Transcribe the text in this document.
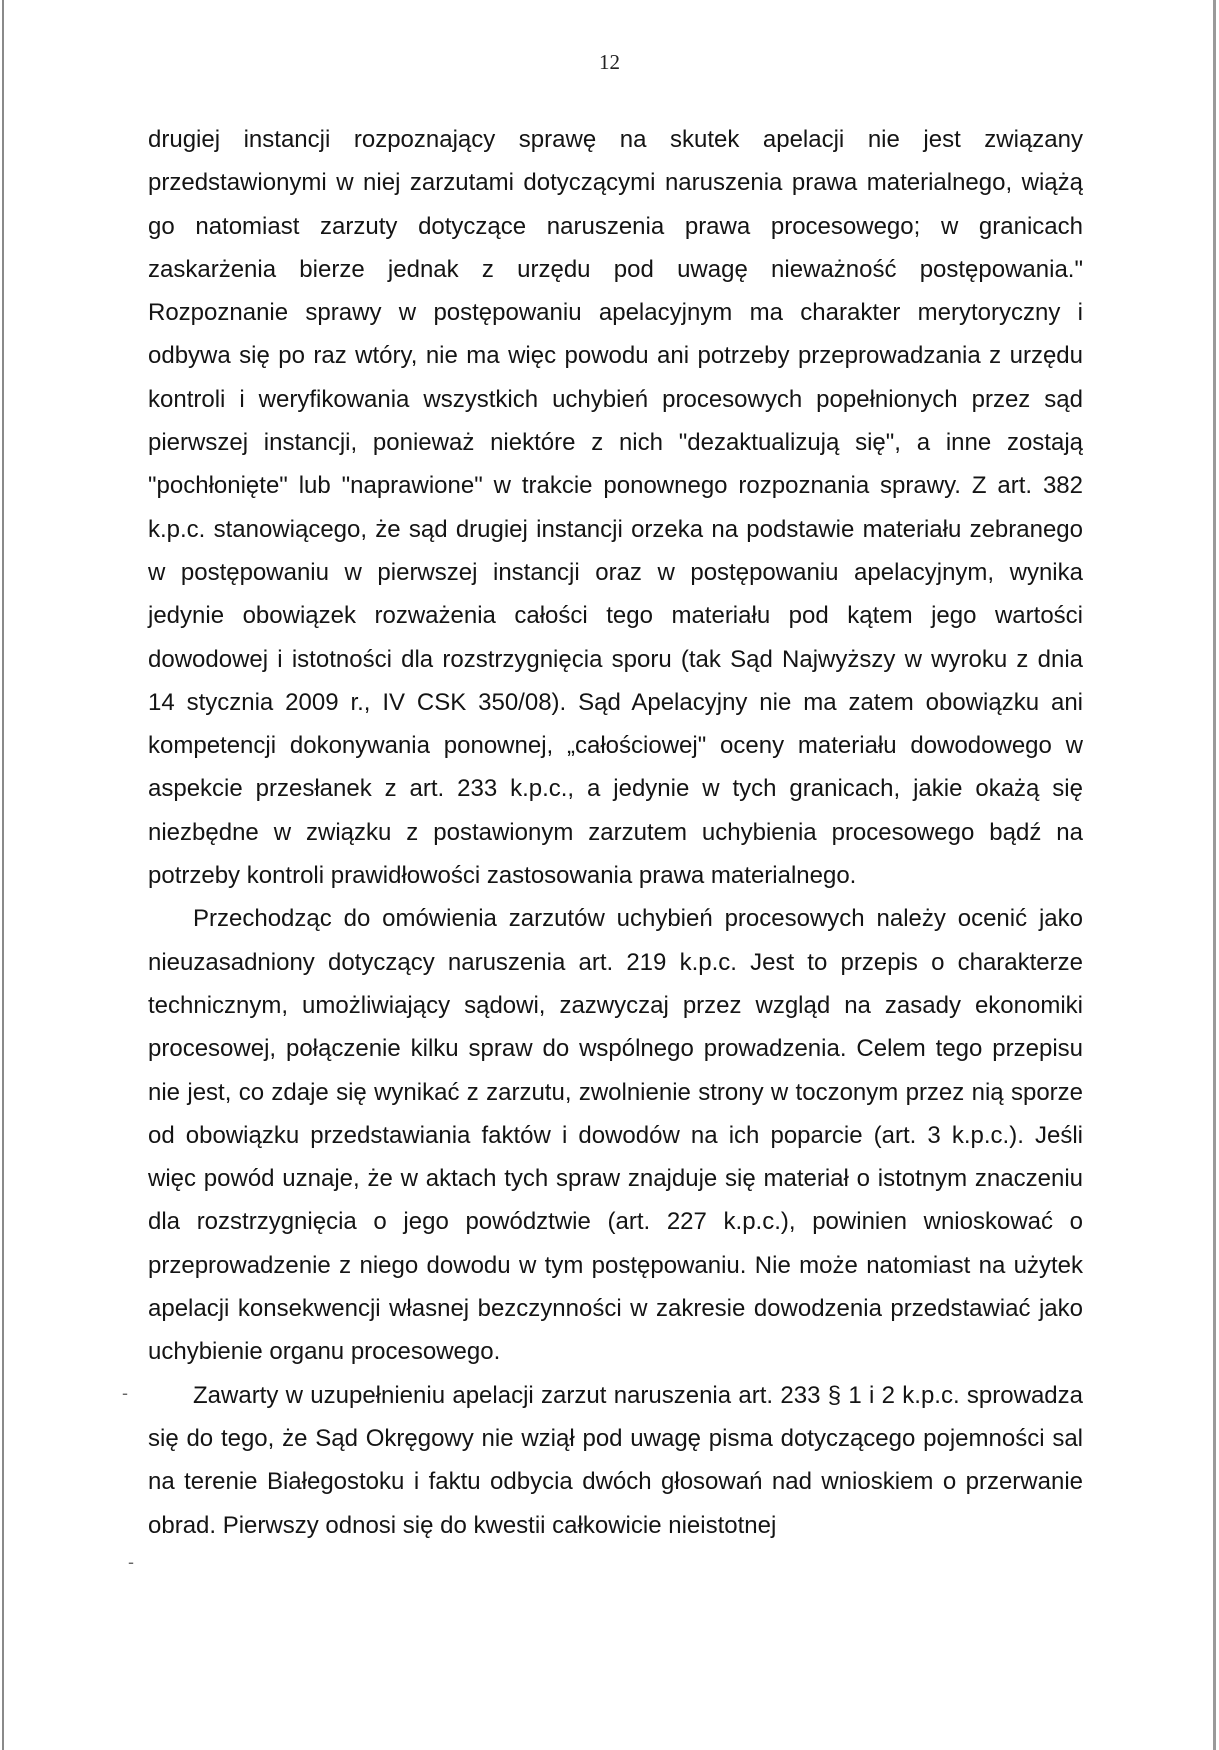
12

drugiej instancji rozpoznający sprawę na skutek apelacji nie jest związany przedstawionymi w niej zarzutami dotyczącymi naruszenia prawa materialnego, wiążą go natomiast zarzuty dotyczące naruszenia prawa procesowego; w granicach zaskarżenia bierze jednak z urzędu pod uwagę nieważność postępowania." Rozpoznanie sprawy w postępowaniu apelacyjnym ma charakter merytoryczny i odbywa się po raz wtóry, nie ma więc powodu ani potrzeby przeprowadzania z urzędu kontroli i weryfikowania wszystkich uchybień procesowych popełnionych przez sąd pierwszej instancji, ponieważ niektóre z nich "dezaktualizują się", a inne zostają "pochłonięte" lub "naprawione" w trakcie ponownego rozpoznania sprawy. Z art. 382 k.p.c. stanowiącego, że sąd drugiej instancji orzeka na podstawie materiału zebranego w postępowaniu w pierwszej instancji oraz w postępowaniu apelacyjnym, wynika jedynie obowiązek rozważenia całości tego materiału pod kątem jego wartości dowodowej i istotności dla rozstrzygnięcia sporu (tak Sąd Najwyższy w wyroku z dnia 14 stycznia 2009 r., IV CSK 350/08). Sąd Apelacyjny nie ma zatem obowiązku ani kompetencji dokonywania ponownej, „całościowej" oceny materiału dowodowego w aspekcie przesłanek z art. 233 k.p.c., a jedynie w tych granicach, jakie okażą się niezbędne w związku z postawionym zarzutem uchybienia procesowego bądź na potrzeby kontroli prawidłowości zastosowania prawa materialnego.

Przechodząc do omówienia zarzutów uchybień procesowych należy ocenić jako nieuzasadniony dotyczący naruszenia art. 219 k.p.c. Jest to przepis o charakterze technicznym, umożliwiający sądowi, zazwyczaj przez wzgląd na zasady ekonomiki procesowej, połączenie kilku spraw do wspólnego prowadzenia. Celem tego przepisu nie jest, co zdaje się wynikać z zarzutu, zwolnienie strony w toczonym przez nią sporze od obowiązku przedstawiania faktów i dowodów na ich poparcie (art. 3 k.p.c.). Jeśli więc powód uznaje, że w aktach tych spraw znajduje się materiał o istotnym znaczeniu dla rozstrzygnięcia o jego powództwie (art. 227 k.p.c.), powinien wnioskować o przeprowadzenie z niego dowodu w tym postępowaniu. Nie może natomiast na użytek apelacji konsekwencji własnej bezczynności w zakresie dowodzenia przedstawiać jako uchybienie organu procesowego.

Zawarty w uzupełnieniu apelacji zarzut naruszenia art. 233 § 1 i 2 k.p.c. sprowadza się do tego, że Sąd Okręgowy nie wziął pod uwagę pisma dotyczącego pojemności sal na terenie Białegostoku i faktu odbycia dwóch głosowań nad wnioskiem o przerwanie obrad. Pierwszy odnosi się do kwestii całkowicie nieistotnej

-
-
